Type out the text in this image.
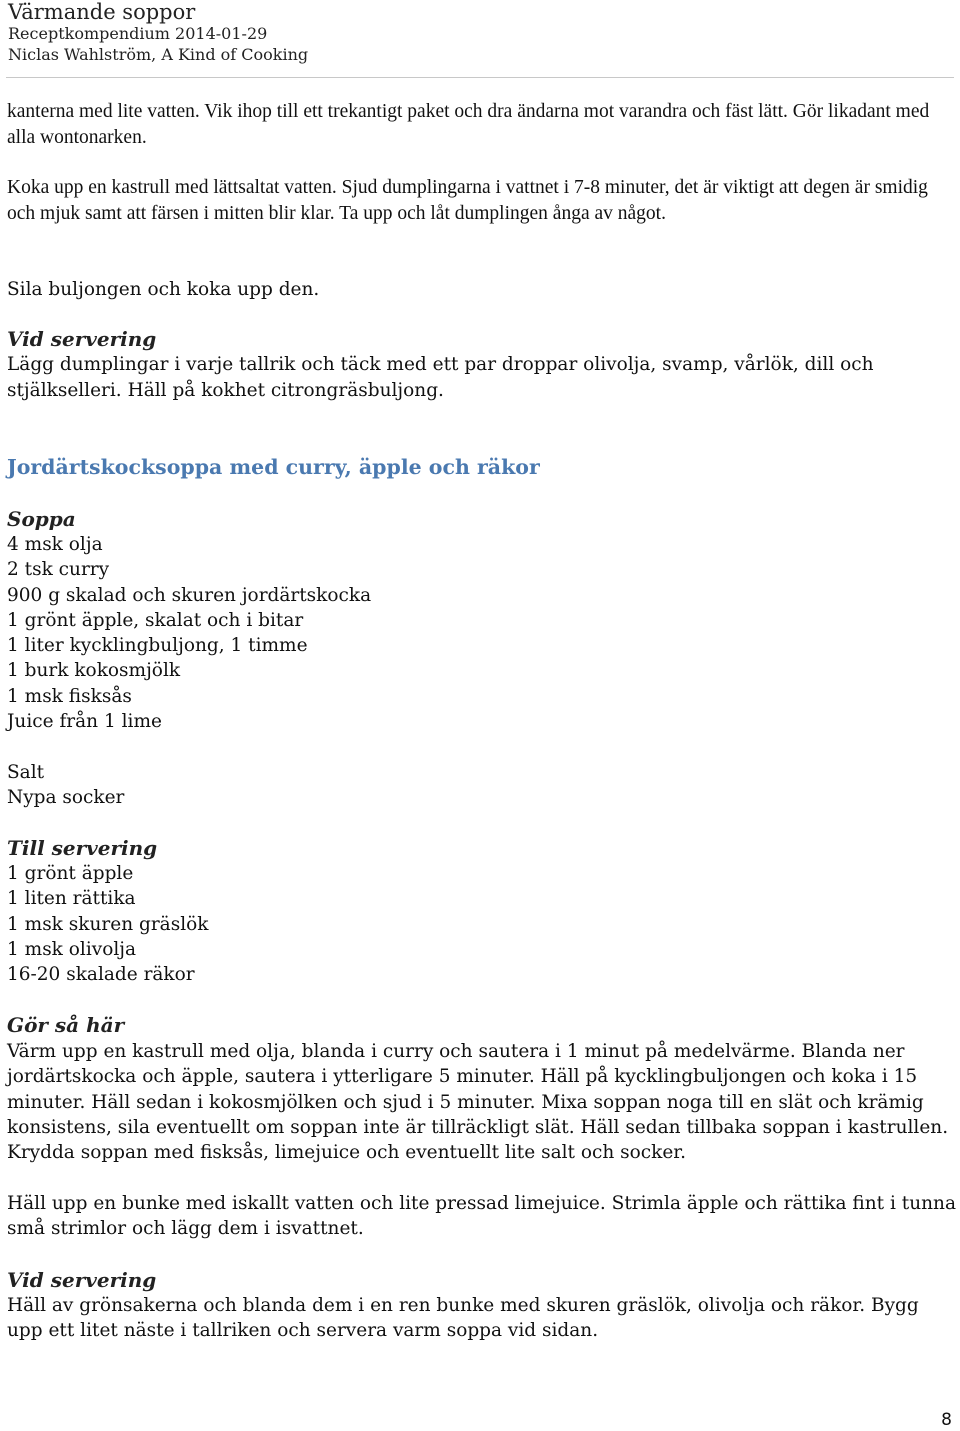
Värmande soppor
Receptkompendium 2014-01-29
Niclas Wahlström, A Kind of Cooking

kanterna med lite vatten. Vik ihop till ett trekantigt paket och dra ändarna mot varandra och fäst lätt. Gör likadant med alla wontonarken.

Koka upp en kastrull med lättsaltat vatten. Sjud dumplingarna i vattnet i 7-8 minuter, det är viktigt att degen är smidig och mjuk samt att färsen i mitten blir klar. Ta upp och låt dumplingen ånga av något.

Sila buljongen och koka upp den.

Vid servering

Lägg dumplingar i varje tallrik och täck med ett par droppar olivolja, svamp, vårlök, dill och stjälkselleri. Häll på kokhet citrongräsbuljong.

Jordärtskocksoppa med curry, äpple och räkor
Soppa
4 msk olja
2 tsk curry
900 g skalad och skuren jordärtskocka
1 grönt äpple, skalat och i bitar
1 liter kycklingbuljong, 1 timme
1 burk kokosmjölk
1 msk fisksås
Juice från 1 lime
Salt
Nypa socker
Till servering
1 grönt äpple
1 liten rättika
1 msk skuren gräslök
1 msk olivolja
16-20 skalade räkor
Gör så här

Värm upp en kastrull med olja, blanda i curry och sautera i 1 minut på medelvärme. Blanda ner jordärtskocka och äpple, sautera i ytterligare 5 minuter. Häll på kycklingbuljongen och koka i 15 minuter. Häll sedan i kokosmjölken och sjud i 5 minuter. Mixa soppan noga till en slät och krämig konsistens, sila eventuellt om soppan inte är tillräckligt slät. Häll sedan tillbaka soppan i kastrullen. Krydda soppan med fisksås, limejuice och eventuellt lite salt och socker.

Häll upp en bunke med iskallt vatten och lite pressad limejuice. Strimla äpple och rättika fint i tunna små strimlor och lägg dem i isvattnet.

Vid servering

Häll av grönsakerna och blanda dem i en ren bunke med skuren gräslök, olivolja och räkor. Bygg upp ett litet näste i tallriken och servera varm soppa vid sidan.

8
